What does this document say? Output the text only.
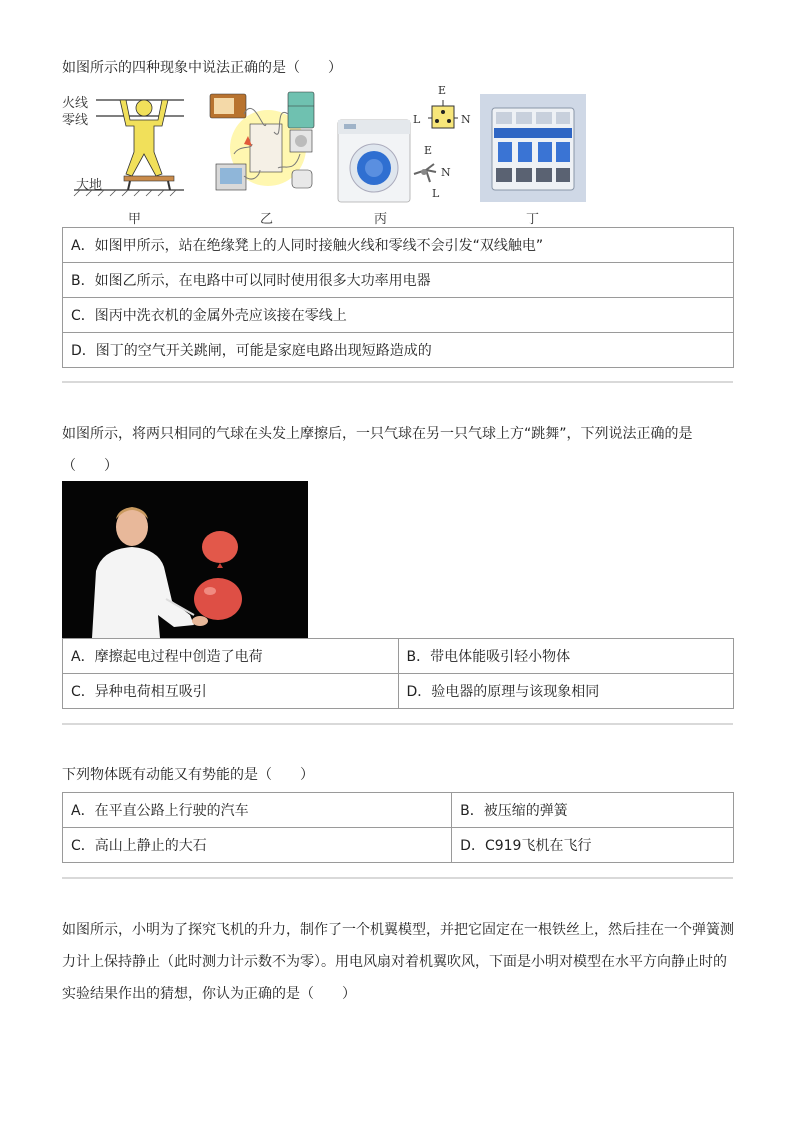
如图所示的四种现象中说法正确的是（　　）
火线
零线
大地
甲	乙
E
N
L
丙
E
L	N
丁
A．如图甲所示，站在绝缘凳上的人同时接触火线和零线不会引发“双线触电”
B．如图乙所示，在电路中可以同时使用很多大功率用电器
C．图丙中洗衣机的金属外壳应该接在零线上
D．图丁的空气开关跳闸，可能是家庭电路出现短路造成的
如图所示，将两只相同的气球在头发上摩擦后，一只气球在另一只气球上方“跳舞”，下列说法正确的是
（　　）
A．摩擦起电过程中创造了电荷	B．带电体能吸引轻小物体
C．异种电荷相互吸引	D．验电器的原理与该现象相同
下列物体既有动能又有势能的是（　　）
A．在平直公路上行驶的汽车	B．被压缩的弹簧
C．高山上静止的大石	D．C919飞机在飞行
如图所示，小明为了探究飞机的升力，制作了一个机翼模型，并把它固定在一根铁丝上，然后挂在一个弹簧测
力计上保持静止（此时测力计示数不为零）。用电风扇对着机翼吹风，下面是小明对模型在水平方向静止时的
实验结果作出的猜想，你认为正确的是（　　）
